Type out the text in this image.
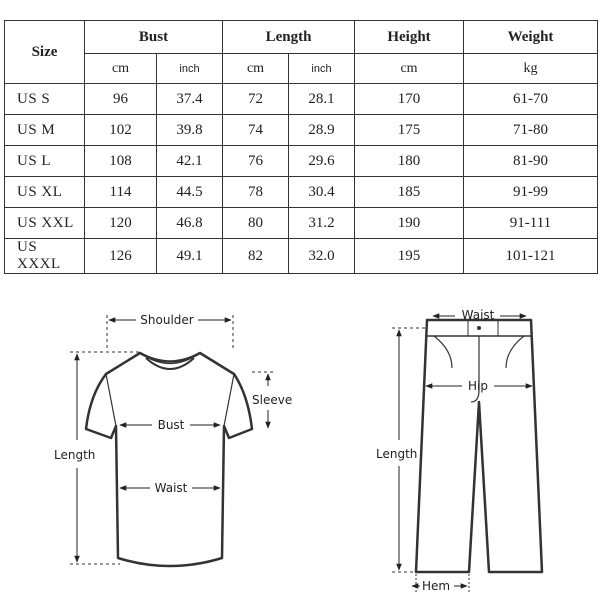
Size	Bust		Length		Height	Weight
	cm	inch	cm	inch	cm	kg
US S	96	37.4	72	28.1	170	61-70
US M	102	39.8	74	28.9	175	71-80
US L	108	42.1	76	29.6	180	81-90
US XL	114	44.5	78	30.4	185	91-99
US XXL	120	46.8	80	31.2	190	91-111
US XXXL	126	49.1	82	32.0	195	101-121
Shoulder
Sleeve
Bust
Waist
Length
Waist
Hip
Length
Hem
